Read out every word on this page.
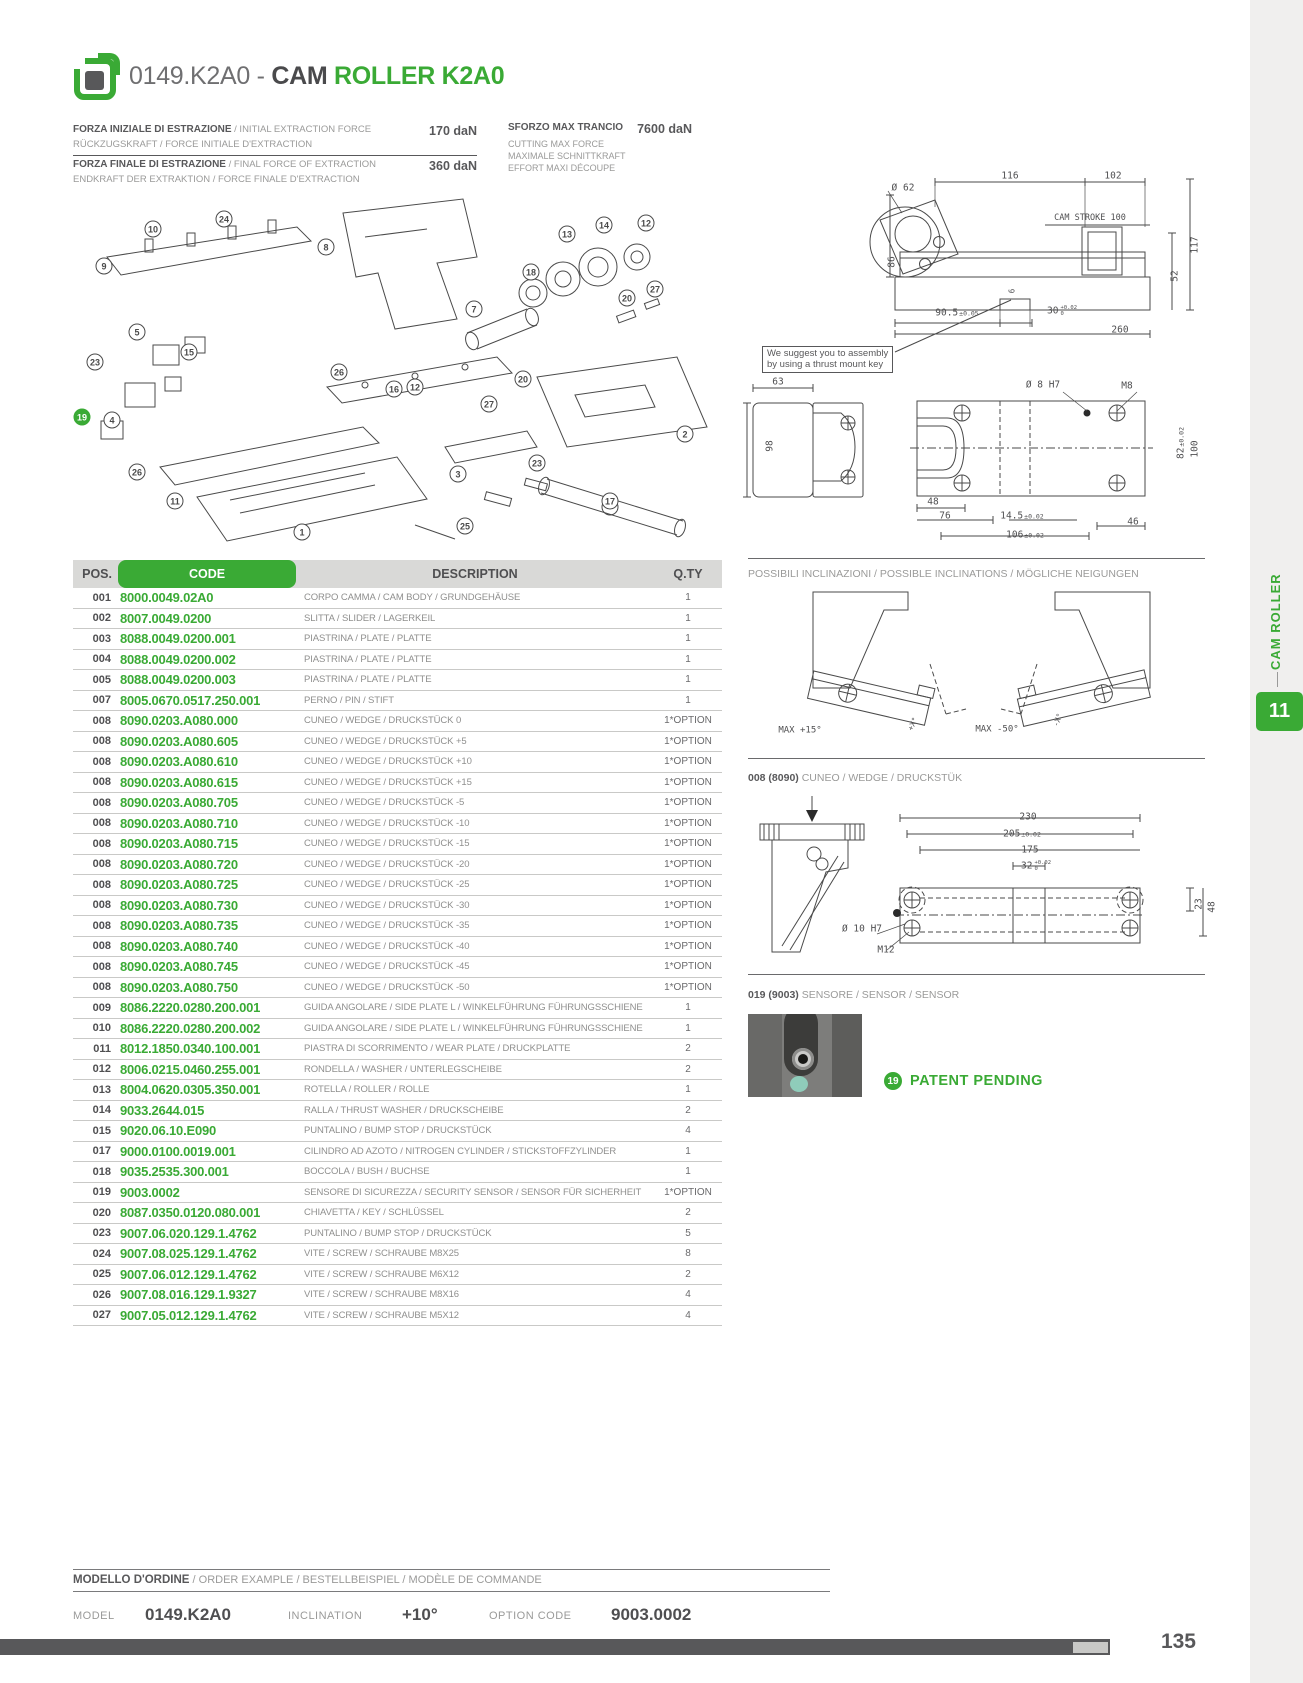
CAM ROLLER
11
0149.K2A0 - CAM ROLLER K2A0
FORZA INIZIALE DI ESTRAZIONE / INITIAL EXTRACTION FORCE
RÜCKZUGSKRAFT / FORCE INITIALE D'EXTRACTION
170 daN
FORZA FINALE DI ESTRAZIONE / FINAL FORCE OF EXTRACTION
ENDKRAFT DER EXTRAKTION / FORCE FINALE D'EXTRACTION
360 daN
SFORZO MAX TRANCIO	7600 daN
CUTTING MAX FORCE
MAXIMALE SCHNITTKRAFT
EFFORT MAXI DÉCOUPE
We suggest you to assembly
by using a thrust mount key
POSSIBILI INCLINAZIONI / POSSIBLE INCLINATIONS / MÖGLICHE NEIGUNGEN
008 (8090) CUNEO / WEDGE / DRUCKSTÜK
019 (9003) SENSORE / SENSOR / SENSOR
19 PATENT PENDING
POS.	CODE	DESCRIPTION	Q.TY
001 8000.0049.02A0	CORPO CAMMA / CAM BODY / GRUNDGEHÄUSE	1
002 8007.0049.0200	SLITTA / SLIDER / LAGERKEIL	1
003 8088.0049.0200.001	PIASTRINA / PLATE / PLATTE	1
004 8088.0049.0200.002	PIASTRINA / PLATE / PLATTE	1
005 8088.0049.0200.003	PIASTRINA / PLATE / PLATTE	1
007 8005.0670.0517.250.001	PERNO / PIN / STIFT	1
008 8090.0203.A080.000	CUNEO / WEDGE / DRUCKSTÜCK 0	1*OPTION
008 8090.0203.A080.605	CUNEO / WEDGE / DRUCKSTÜCK +5	1*OPTION
008 8090.0203.A080.610	CUNEO / WEDGE / DRUCKSTÜCK +10	1*OPTION
008 8090.0203.A080.615	CUNEO / WEDGE / DRUCKSTÜCK +15	1*OPTION
008 8090.0203.A080.705	CUNEO / WEDGE / DRUCKSTÜCK -5	1*OPTION
008 8090.0203.A080.710	CUNEO / WEDGE / DRUCKSTÜCK -10	1*OPTION
008 8090.0203.A080.715	CUNEO / WEDGE / DRUCKSTÜCK -15	1*OPTION
008 8090.0203.A080.720	CUNEO / WEDGE / DRUCKSTÜCK -20	1*OPTION
008 8090.0203.A080.725	CUNEO / WEDGE / DRUCKSTÜCK -25	1*OPTION
008 8090.0203.A080.730	CUNEO / WEDGE / DRUCKSTÜCK -30	1*OPTION
008 8090.0203.A080.735	CUNEO / WEDGE / DRUCKSTÜCK -35	1*OPTION
008 8090.0203.A080.740	CUNEO / WEDGE / DRUCKSTÜCK -40	1*OPTION
008 8090.0203.A080.745	CUNEO / WEDGE / DRUCKSTÜCK -45	1*OPTION
008 8090.0203.A080.750	CUNEO / WEDGE / DRUCKSTÜCK -50	1*OPTION
009 8086.2220.0280.200.001	GUIDA ANGOLARE / SIDE PLATE L / WINKELFÜHRUNG FÜHRUNGSSCHIENE	1
010 8086.2220.0280.200.002	GUIDA ANGOLARE / SIDE PLATE L / WINKELFÜHRUNG FÜHRUNGSSCHIENE	1
011 8012.1850.0340.100.001	PIASTRA DI SCORRIMENTO / WEAR PLATE / DRUCKPLATTE	2
012 8006.0215.0460.255.001	RONDELLA / WASHER / UNTERLEGSCHEIBE	2
013 8004.0620.0305.350.001	ROTELLA / ROLLER / ROLLE	1
014 9033.2644.015	RALLA / THRUST WASHER / DRUCKSCHEIBE	2
015 9020.06.10.E090	PUNTALINO / BUMP STOP / DRUCKSTÜCK	4
017 9000.0100.0019.001	CILINDRO AD AZOTO / NITROGEN CYLINDER / STICKSTOFFZYLINDER	1
018 9035.2535.300.001	BOCCOLA / BUSH / BUCHSE	1
019 9003.0002	SENSORE DI SICUREZZA / SECURITY SENSOR / SENSOR FÜR SICHERHEIT	1*OPTION
020 8087.0350.0120.080.001	CHIAVETTA / KEY / SCHLÜSSEL	2
023 9007.06.020.129.1.4762	PUNTALINO / BUMP STOP / DRUCKSTÜCK	5
024 9007.08.025.129.1.4762	VITE / SCREW / SCHRAUBE M8X25	8
025 9007.06.012.129.1.4762	VITE / SCREW / SCHRAUBE M6X12	2
026 9007.08.016.129.1.9327	VITE / SCREW / SCHRAUBE M8X16	4
027 9007.05.012.129.1.4762	VITE / SCREW / SCHRAUBE M5X12	4
10
24
8
9
13
14	12
18
7
20
27
5
23
15
26
16	12
20
27
19	4
2
26	3
23
11	17
1
25
Ø 62
116	102
CAM STROKE 100
117
86
52
6
90.5±0.05	30 +0.02
0
260
63
98
Ø 8 H7	M8
82±0.02
100
48
76	14.5±0.02	46
106±0.02
MAX +15°	MAX -50°
+X°	-X°
230
205±0.02
175
32 +0.02
0
Ø 10 H7
M12
23 48
MODELLO D'ORDINE / ORDER EXAMPLE / BESTELLBEISPIEL / MODÈLE DE COMMANDE
MODEL 0149.K2A0	INCLINATION +10°	OPTION CODE 9003.0002
135
